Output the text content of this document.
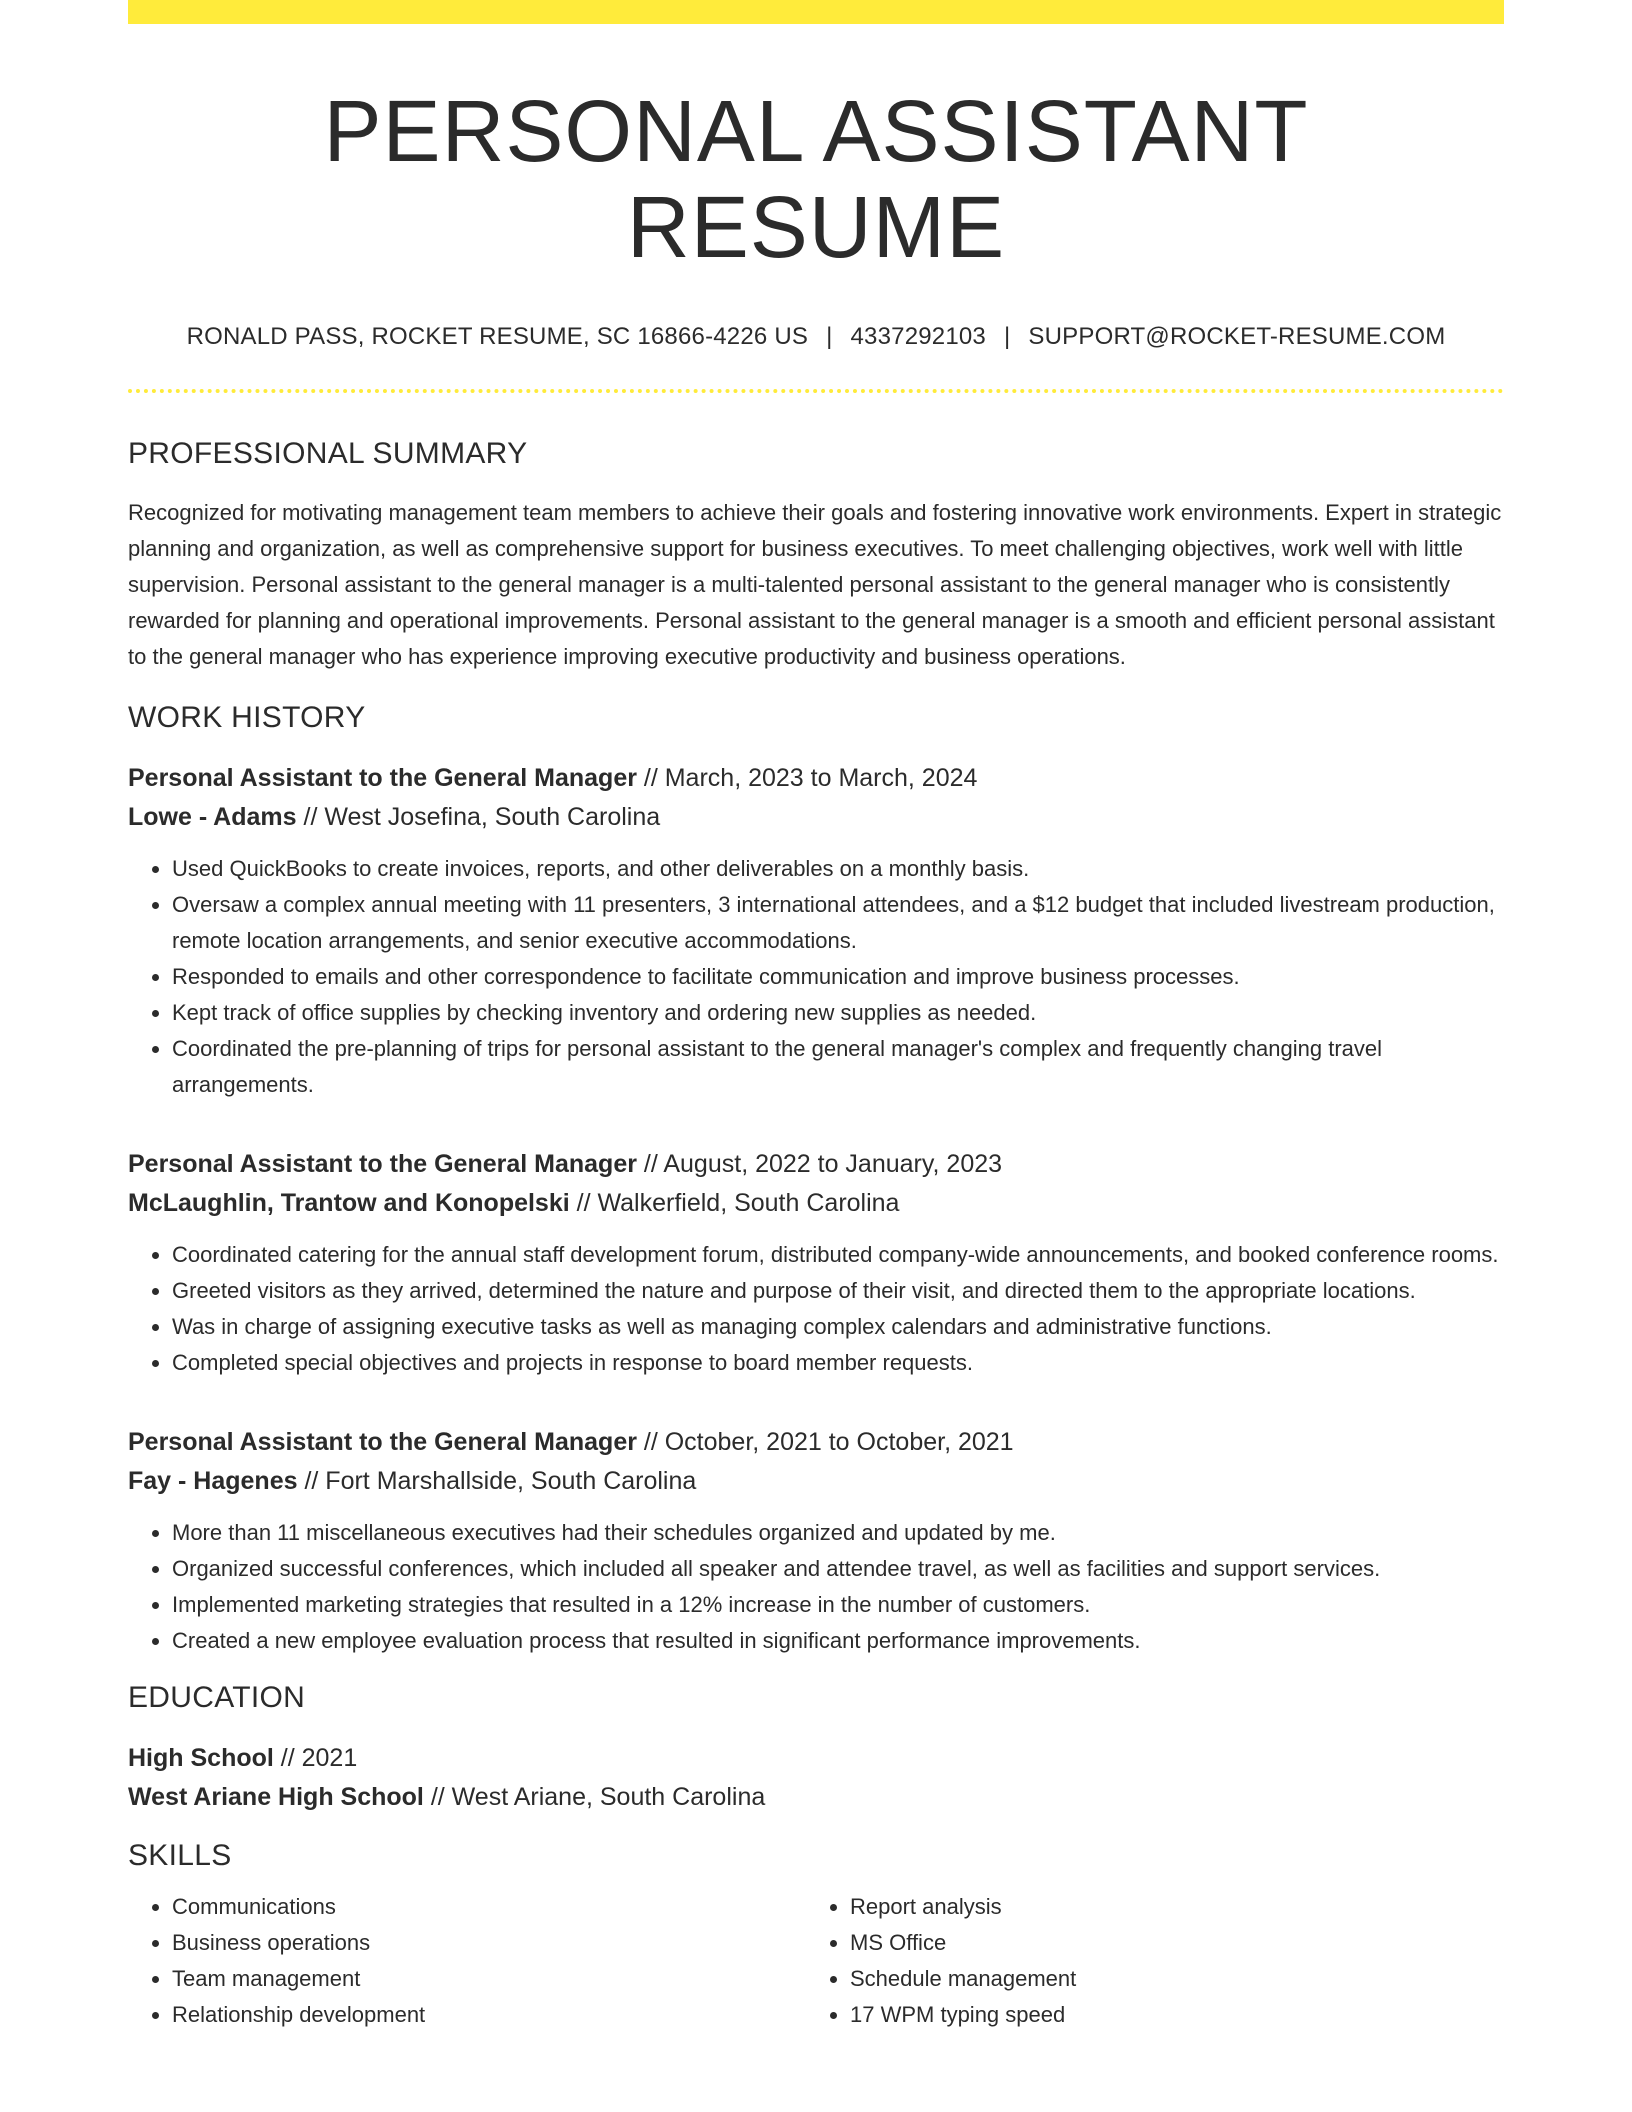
PERSONAL ASSISTANT RESUME
RONALD PASS, ROCKET RESUME, SC 16866-4226 US | 4337292103 | SUPPORT@ROCKET-RESUME.COM
PROFESSIONAL SUMMARY

Recognized for motivating management team members to achieve their goals and fostering innovative work environments. Expert in strategic planning and organization, as well as comprehensive support for business executives. To meet challenging objectives, work well with little supervision. Personal assistant to the general manager is a multi-talented personal assistant to the general manager who is consistently rewarded for planning and operational improvements. Personal assistant to the general manager is a smooth and efficient personal assistant to the general manager who has experience improving executive productivity and business operations.

WORK HISTORY
Personal Assistant to the General Manager // March, 2023 to March, 2024
Lowe - Adams // West Josefina, South Carolina
• Used QuickBooks to create invoices, reports, and other deliverables on a monthly basis.
• Oversaw a complex annual meeting with 11 presenters, 3 international attendees, and a $12 budget that included livestream production, remote location arrangements, and senior executive accommodations.
• Responded to emails and other correspondence to facilitate communication and improve business processes.
• Kept track of office supplies by checking inventory and ordering new supplies as needed.
• Coordinated the pre-planning of trips for personal assistant to the general manager's complex and frequently changing travel arrangements.
Personal Assistant to the General Manager // August, 2022 to January, 2023
McLaughlin, Trantow and Konopelski // Walkerfield, South Carolina
• Coordinated catering for the annual staff development forum, distributed company-wide announcements, and booked conference rooms.
• Greeted visitors as they arrived, determined the nature and purpose of their visit, and directed them to the appropriate locations.
• Was in charge of assigning executive tasks as well as managing complex calendars and administrative functions.
• Completed special objectives and projects in response to board member requests.
Personal Assistant to the General Manager // October, 2021 to October, 2021
Fay - Hagenes // Fort Marshallside, South Carolina
• More than 11 miscellaneous executives had their schedules organized and updated by me.
• Organized successful conferences, which included all speaker and attendee travel, as well as facilities and support services.
• Implemented marketing strategies that resulted in a 12% increase in the number of customers.
• Created a new employee evaluation process that resulted in significant performance improvements.
EDUCATION
High School // 2021
West Ariane High School // West Ariane, South Carolina
SKILLS
• Communications
• Business operations
• Team management
• Relationship development
• Report analysis
• MS Office
• Schedule management
• 17 WPM typing speed
